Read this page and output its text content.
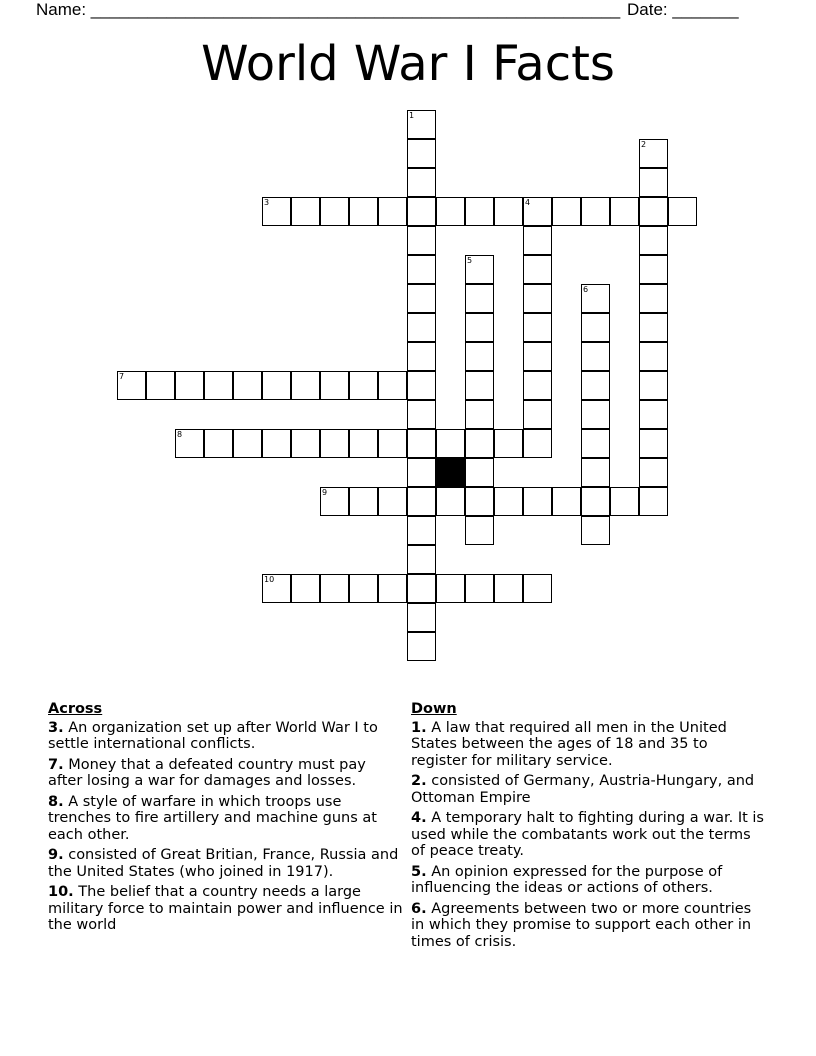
Name: ________________________________________________________ Date: _______
World War I Facts
1
2
3	4
5
6
7
8
9
10
Across
3. An organization set up after World War I to settle international conflicts.
7. Money that a defeated country must pay after losing a war for damages and losses.
8. A style of warfare in which troops use trenches to fire artillery and machine guns at each other.
9. consisted of Great Britian, France, Russia and the United States (who joined in 1917).
10. The belief that a country needs a large military force to maintain power and influence in the world
Down
1. A law that required all men in the United States between the ages of 18 and 35 to register for military service.
2. consisted of Germany, Austria-Hungary, and Ottoman Empire
4. A temporary halt to fighting during a war. It is used while the combatants work out the terms of peace treaty.
5. An opinion expressed for the purpose of influencing the ideas or actions of others.
6. Agreements between two or more countries in which they promise to support each other in times of crisis.
